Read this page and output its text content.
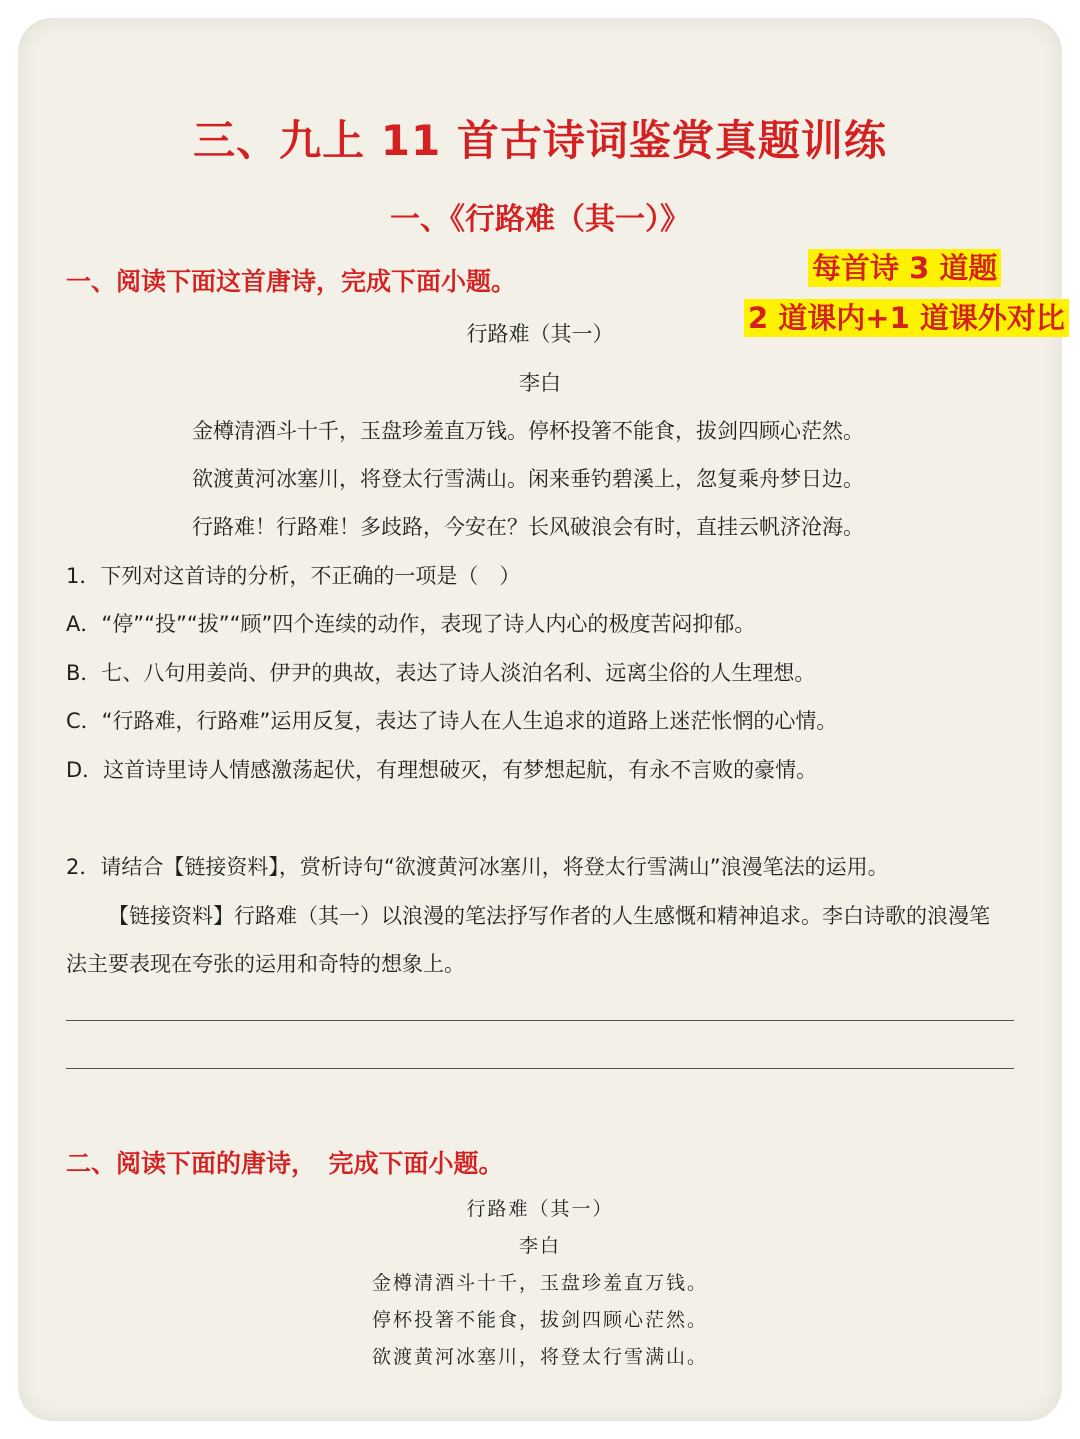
三、九上 11 首古诗词鉴赏真题训练
一、《行路难（其一）》
每首诗 3 道题
2 道课内+1 道课外对比
一、阅读下面这首唐诗，完成下面小题。
行路难（其一）
李白
金樽清酒斗十千，玉盘珍羞直万钱。停杯投箸不能食，拔剑四顾心茫然。
欲渡黄河冰塞川，将登太行雪满山。闲来垂钓碧溪上，忽复乘舟梦日边。
行路难！行路难！多歧路，今安在？长风破浪会有时，直挂云帆济沧海。
1．下列对这首诗的分析，不正确的一项是（　）
A．“停”“投”“拔”“顾”四个连续的动作，表现了诗人内心的极度苦闷抑郁。
B．七、八句用姜尚、伊尹的典故，表达了诗人淡泊名利、远离尘俗的人生理想。
C．“行路难，行路难”运用反复，表达了诗人在人生追求的道路上迷茫怅惘的心情。
D．这首诗里诗人情感激荡起伏，有理想破灭，有梦想起航，有永不言败的豪情。
2．请结合【链接资料】，赏析诗句“欲渡黄河冰塞川，将登太行雪满山”浪漫笔法的运用。
【链接资料】行路难（其一）以浪漫的笔法抒写作者的人生感慨和精神追求。李白诗歌的浪漫笔
法主要表现在夸张的运用和奇特的想象上。
二、阅读下面的唐诗，　完成下面小题。
行路难（其一）
李白
金樽清酒斗十千，玉盘珍羞直万钱。
停杯投箸不能食，拔剑四顾心茫然。
欲渡黄河冰塞川，将登太行雪满山。
